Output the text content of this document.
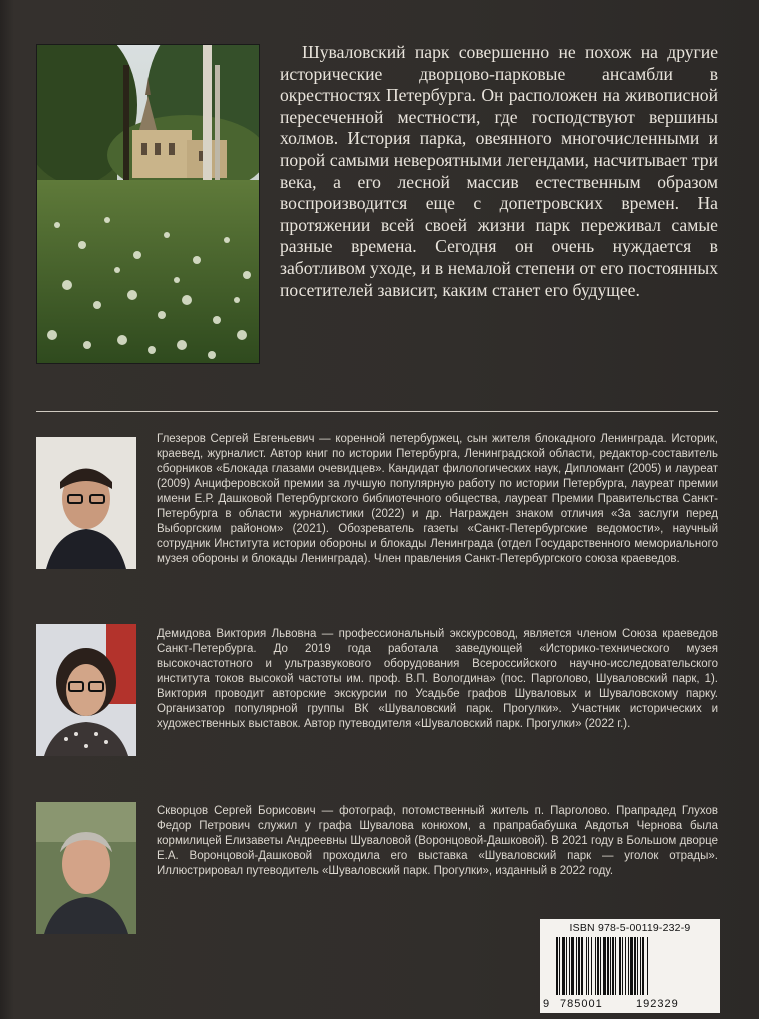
Шуваловский парк совершенно не похож на другие исторические дворцово-парковые ансамбли в окрестностях Петербурга. Он расположен на живописной пересеченной местности, где господствуют вершины холмов. История парка, овеянного многочисленными и порой самыми невероятными легендами, насчитывает три века, а его лесной массив естественным образом воспроизводится еще с допетровских времен. На протяжении всей своей жизни парк переживал самые разные времена. Сегодня он очень нуждается в заботливом уходе, и в немалой степени от его постоянных посетителей зависит, каким станет его будущее.

Глезеров Сергей Евгеньевич — коренной петербуржец, сын жителя блокадного Ленинграда. Историк, краевед, журналист. Автор книг по истории Петербурга, Ленинградской области, редактор-составитель сборников «Блокада глазами очевидцев». Кандидат филологических наук, Дипломант (2005) и лауреат (2009) Анциферовской премии за лучшую популярную работу по истории Петербурга, лауреат премии имени Е.Р. Дашковой Петербургского библиотечного общества, лауреат Премии Правительства Санкт-Петербурга в области журналистики (2022) и др. Награжден знаком отличия «За заслуги перед Выборгским районом» (2021). Обозреватель газеты «Санкт-Петербургские ведомости», научный сотрудник Института истории обороны и блокады Ленинграда (отдел Государственного мемориального музея обороны и блокады Ленинграда). Член правления Санкт-Петербургского союза краеведов.

Демидова Виктория Львовна — профессиональный экскурсовод, является членом Союза краеведов Санкт-Петербурга. До 2019 года работала заведующей «Историко-технического музея высокочастотного и ультразвукового оборудования Всероссийского научно-исследовательского института токов высокой частоты им. проф. В.П. Вологдина» (пос. Парголово, Шуваловский парк, 1). Виктория проводит авторские экскурсии по Усадьбе графов Шуваловых и Шуваловскому парку. Организатор популярной группы ВК «Шуваловский парк. Прогулки». Участник исторических и художественных выставок. Автор путеводителя «Шуваловский парк. Прогулки» (2022 г.).

Скворцов Сергей Борисович — фотограф, потомственный житель п. Парголово. Прапрадед Глухов Федор Петрович служил у графа Шувалова конюхом, а прапрабабушка Авдотья Чернова была кормилицей Елизаветы Андреевны Шуваловой (Воронцовой-Дашковой). В 2021 году в Большом дворце Е.А. Воронцовой-Дашковой проходила его выставка «Шуваловский парк — уголок отрады». Иллюстрировал путеводитель «Шуваловский парк. Прогулки», изданный в 2022 году.

ISBN 978-5-00119-232-9
9 785001	192329
